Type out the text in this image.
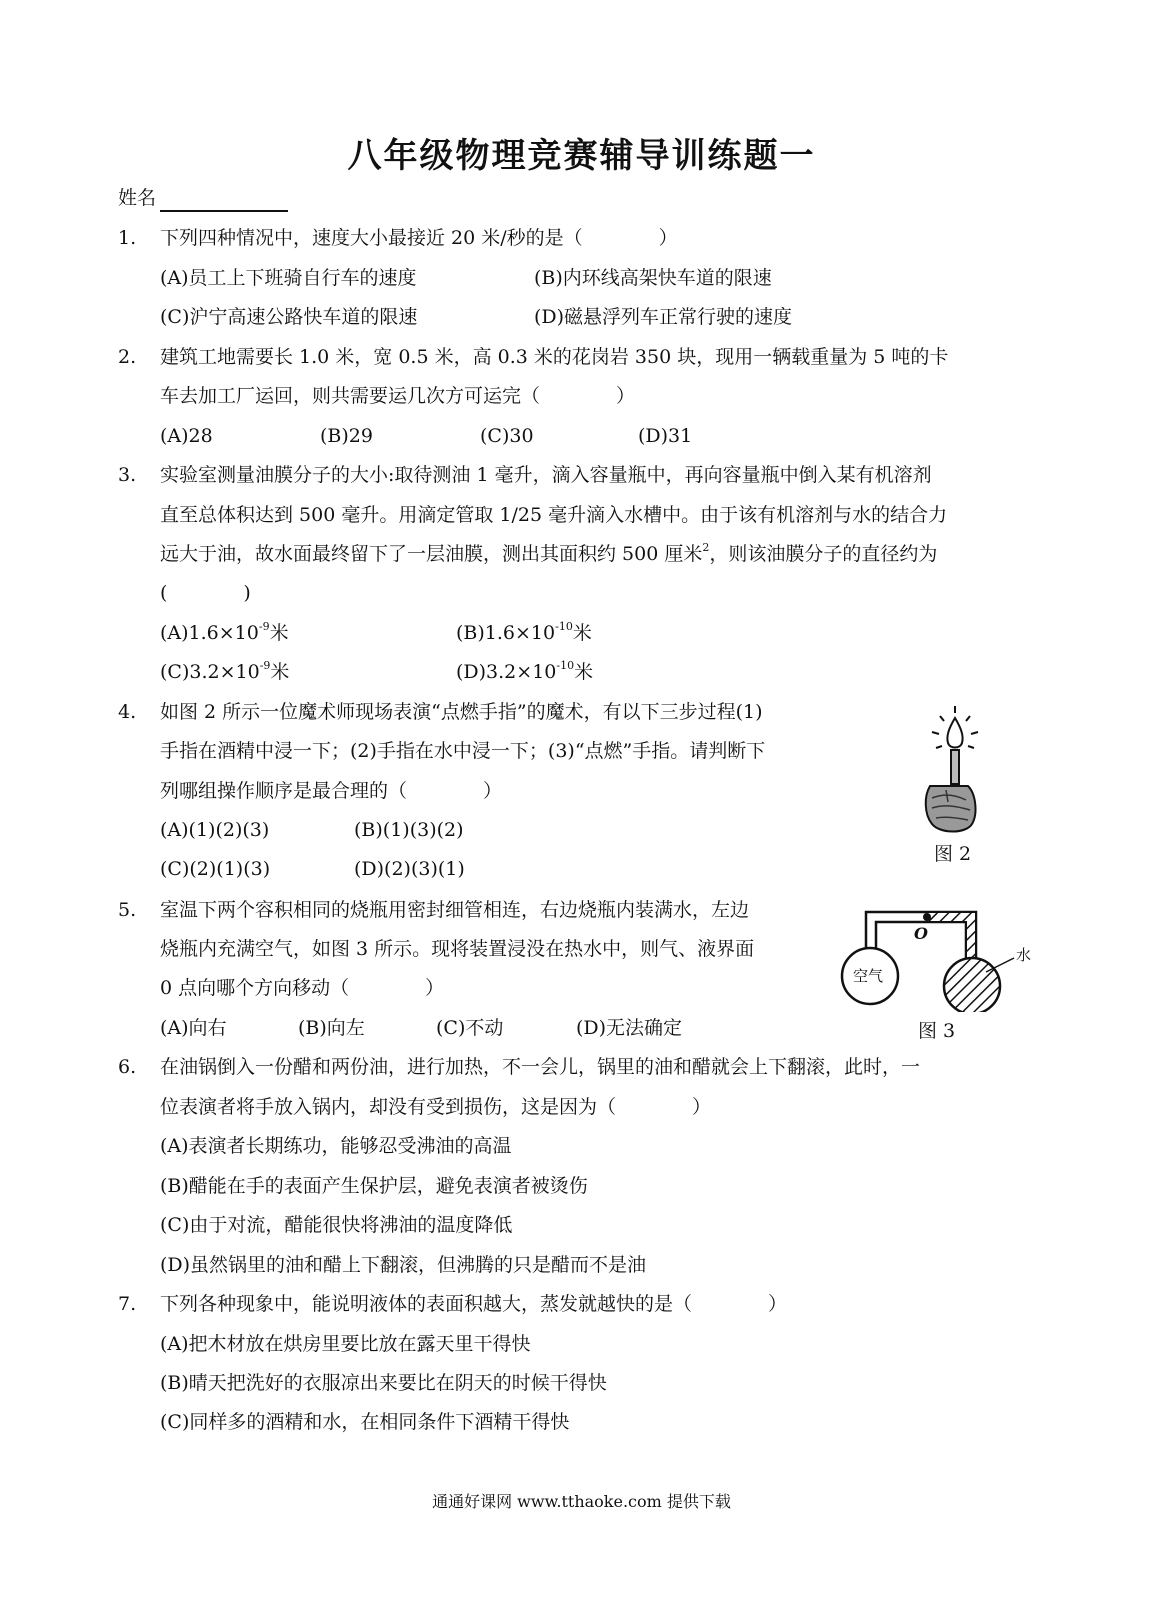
八年级物理竞赛辅导训练题一
姓名
1. 下列四种情况中，速度大小最接近 20 米/秒的是（　　　　）
(A)员工上下班骑自行车的速度	(B)内环线高架快车道的限速
(C)沪宁高速公路快车道的限速	(D)磁悬浮列车正常行驶的速度
2. 建筑工地需要长 1.0 米，宽 0.5 米，高 0.3 米的花岗岩 350 块，现用一辆载重量为 5 吨的卡
车去加工厂运回，则共需要运几次方可运完（　　　　）
(A)28	(B)29	(C)30	(D)31
3. 实验室测量油膜分子的大小:取待测油 1 毫升，滴入容量瓶中，再向容量瓶中倒入某有机溶剂
直至总体积达到 500 毫升。用滴定管取 1/25 毫升滴入水槽中。由于该有机溶剂与水的结合力
远大于油，故水面最终留下了一层油膜，测出其面积约 500 厘米$^2$，则该油膜分子的直径约为
(　　　　)
$(A)1.6\times 10^{-9}$米	$(B)1.6\times 10^{-10}$米
$(C)3.2\times 10^{-9}$米	$(D)3.2\times 10^{-10}$米
4. 如图 2 所示一位魔术师现场表演“点燃手指”的魔术，有以下三步过程(1)
手指在酒精中浸一下；(2)手指在水中浸一下；(3)“点燃”手指。请判断下
列哪组操作顺序是最合理的（　　　　）
(A)(1)(2)(3)	(B)(1)(3)(2)
(C)(2)(1)(3)	(D)(2)(3)(1)
图 2
5. 室温下两个容积相同的烧瓶用密封细管相连，右边烧瓶内装满水，左边
烧瓶内充满空气，如图 3 所示。现将装置浸没在热水中，则气、液界面
0 点向哪个方向移动（　　　　）
(A)向右	(B)向左	(C)不动	(D)无法确定
空气
水
O
图 3
6. 在油锅倒入一份醋和两份油，进行加热，不一会儿，锅里的油和醋就会上下翻滚，此时，一
位表演者将手放入锅内，却没有受到损伤，这是因为（　　　　）
(A)表演者长期练功，能够忍受沸油的高温
(B)醋能在手的表面产生保护层，避免表演者被烫伤
(C)由于对流，醋能很快将沸油的温度降低
(D)虽然锅里的油和醋上下翻滚，但沸腾的只是醋而不是油
7. 下列各种现象中，能说明液体的表面积越大，蒸发就越快的是（　　　　）
(A)把木材放在烘房里要比放在露天里干得快
(B)晴天把洗好的衣服凉出来要比在阴天的时候干得快
(C)同样多的酒精和水，在相同条件下酒精干得快
通通好课网 www.tthaoke.com 提供下载
